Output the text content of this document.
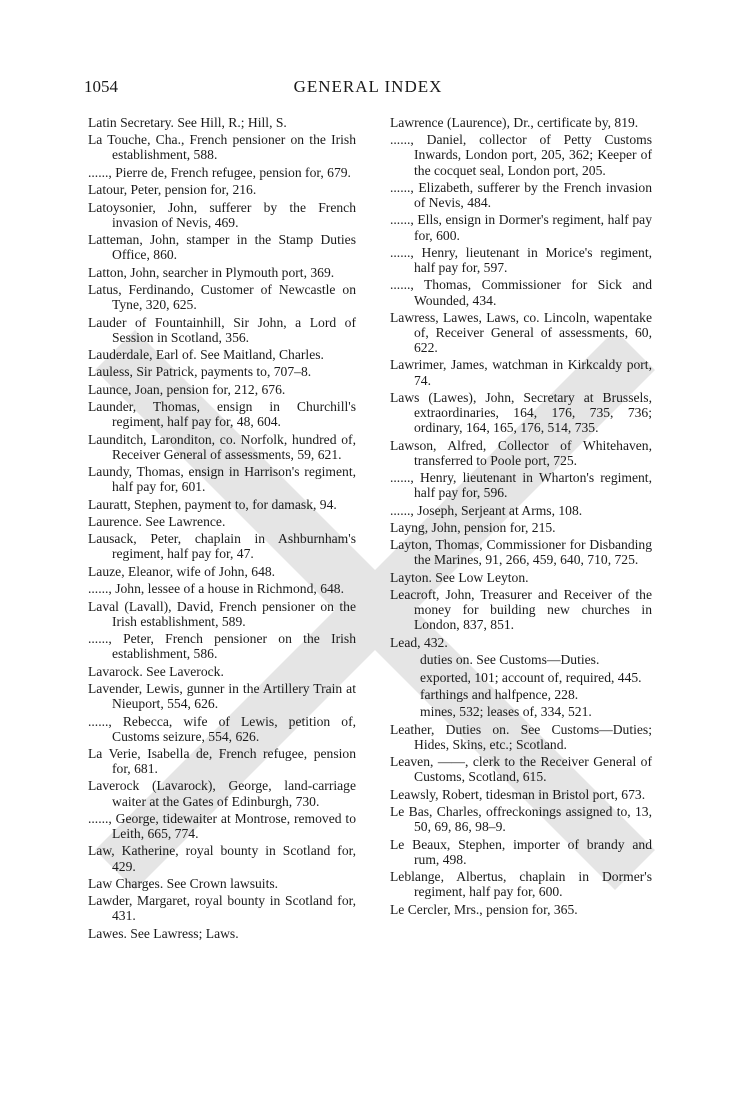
1054	GENERAL INDEX

Latin Secretary. See Hill, R.; Hill, S.

La Touche, Cha., French pensioner on the Irish establishment, 588.

......, Pierre de, French refugee, pension for, 679.

Latour, Peter, pension for, 216.

Latoysonier, John, sufferer by the French invasion of Nevis, 469.

Latteman, John, stamper in the Stamp Duties Office, 860.

Latton, John, searcher in Plymouth port, 369.

Latus, Ferdinando, Customer of Newcastle on Tyne, 320, 625.

Lauder of Fountainhill, Sir John, a Lord of Session in Scotland, 356.

Lauderdale, Earl of. See Maitland, Charles.

Lauless, Sir Patrick, payments to, 707–8.

Launce, Joan, pension for, 212, 676.

Launder, Thomas, ensign in Churchill's regiment, half pay for, 48, 604.

Launditch, Laronditon, co. Norfolk, hundred of, Receiver General of assessments, 59, 621.

Laundy, Thomas, ensign in Harrison's regiment, half pay for, 601.

Lauratt, Stephen, payment to, for damask, 94.

Laurence. See Lawrence.

Lausack, Peter, chaplain in Ashburnham's regiment, half pay for, 47.

Lauze, Eleanor, wife of John, 648.

......, John, lessee of a house in Richmond, 648.

Laval (Lavall), David, French pensioner on the Irish establishment, 589.

......, Peter, French pensioner on the Irish establishment, 586.

Lavarock. See Laverock.

Lavender, Lewis, gunner in the Artillery Train at Nieuport, 554, 626.

......, Rebecca, wife of Lewis, petition of, Customs seizure, 554, 626.

La Verie, Isabella de, French refugee, pension for, 681.

Laverock (Lavarock), George, land-carriage waiter at the Gates of Edinburgh, 730.

......, George, tidewaiter at Montrose, removed to Leith, 665, 774.

Law, Katherine, royal bounty in Scotland for, 429.

Law Charges. See Crown lawsuits.

Lawder, Margaret, royal bounty in Scotland for, 431.

Lawes. See Lawress; Laws.

Lawrence (Laurence), Dr., certificate by, 819.

......, Daniel, collector of Petty Customs Inwards, London port, 205, 362; Keeper of the cocquet seal, London port, 205.

......, Elizabeth, sufferer by the French invasion of Nevis, 484.

......, Ells, ensign in Dormer's regiment, half pay for, 600.

......, Henry, lieutenant in Morice's regiment, half pay for, 597.

......, Thomas, Commissioner for Sick and Wounded, 434.

Lawress, Lawes, Laws, co. Lincoln, wapentake of, Receiver General of assessments, 60, 622.

Lawrimer, James, watchman in Kirkcaldy port, 74.

Laws (Lawes), John, Secretary at Brussels, extraordinaries, 164, 176, 735, 736; ordinary, 164, 165, 176, 514, 735.

Lawson, Alfred, Collector of Whitehaven, transferred to Poole port, 725.

......, Henry, lieutenant in Wharton's regiment, half pay for, 596.

......, Joseph, Serjeant at Arms, 108.

Layng, John, pension for, 215.

Layton, Thomas, Commissioner for Disbanding the Marines, 91, 266, 459, 640, 710, 725.

Layton. See Low Leyton.

Leacroft, John, Treasurer and Receiver of the money for building new churches in London, 837, 851.

Lead, 432.

duties on. See Customs—Duties.

exported, 101; account of, required, 445.

farthings and halfpence, 228.

mines, 532; leases of, 334, 521.

Leather, Duties on. See Customs—Duties; Hides, Skins, etc.; Scotland.

Leaven, ——, clerk to the Receiver General of Customs, Scotland, 615.

Leawsly, Robert, tidesman in Bristol port, 673.

Le Bas, Charles, offreckonings assigned to, 13, 50, 69, 86, 98–9.

Le Beaux, Stephen, importer of brandy and rum, 498.

Leblange, Albertus, chaplain in Dormer's regiment, half pay for, 600.

Le Cercler, Mrs., pension for, 365.
